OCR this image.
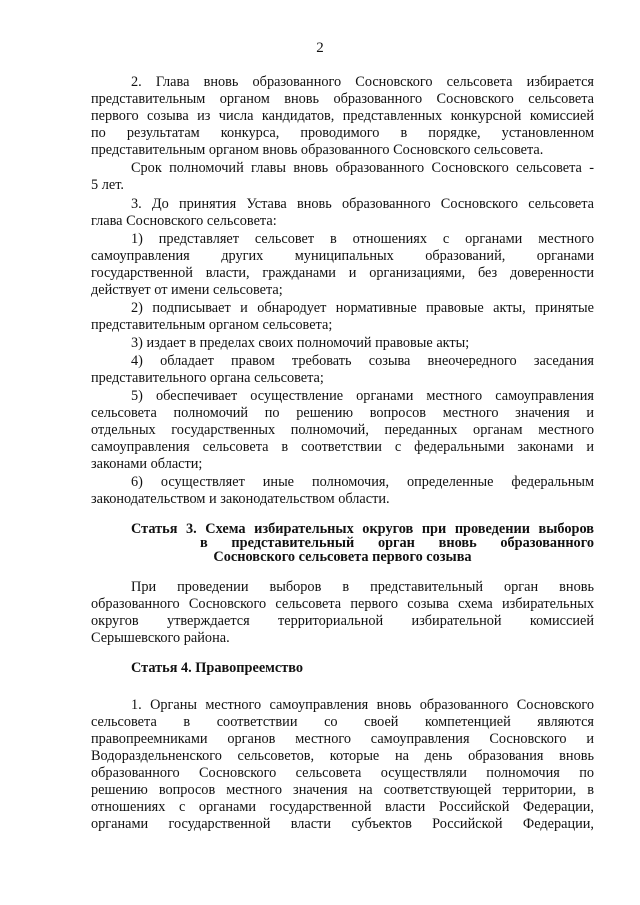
2
2. Глава вновь образованного Сосновского сельсовета избирается
представительным органом вновь образованного Сосновского сельсовета
первого созыва из числа кандидатов, представленных конкурсной комиссией
по результатам конкурса, проводимого в порядке, установленном
представительным органом вновь образованного Сосновского сельсовета.
Срок полномочий главы вновь образованного Сосновского сельсовета -
5 лет.
3. До принятия Устава вновь образованного Сосновского сельсовета
глава Сосновского сельсовета:
1) представляет сельсовет в отношениях с органами местного
самоуправления других муниципальных образований, органами
государственной власти, гражданами и организациями, без доверенности
действует от имени сельсовета;
2) подписывает и обнародует нормативные правовые акты, принятые
представительным органом сельсовета;
3) издает в пределах своих полномочий правовые акты;
4) обладает правом требовать созыва внеочередного заседания
представительного органа сельсовета;
5) обеспечивает осуществление органами местного самоуправления
сельсовета полномочий по решению вопросов местного значения и
отдельных государственных полномочий, переданных органам местного
самоуправления сельсовета в соответствии с федеральными законами и
законами области;
6) осуществляет иные полномочия, определенные федеральным
законодательством и законодательством области.
Статья 3. Схема избирательных округов при проведении выборов
в представительный орган вновь образованного
Сосновского сельсовета первого созыва
При проведении выборов в представительный орган вновь
образованного Сосновского сельсовета первого созыва схема избирательных
округов утверждается территориальной избирательной комиссией
Серышевского района.
Статья 4. Правопреемство
1. Органы местного самоуправления вновь образованного Сосновского
сельсовета в соответствии со своей компетенцией являются
правопреемниками органов местного самоуправления Сосновского и
Водораздельненского сельсоветов, которые на день образования вновь
образованного Сосновского сельсовета осуществляли полномочия по
решению вопросов местного значения на соответствующей территории, в
отношениях с органами государственной власти Российской Федерации,
органами государственной власти субъектов Российской Федерации,
